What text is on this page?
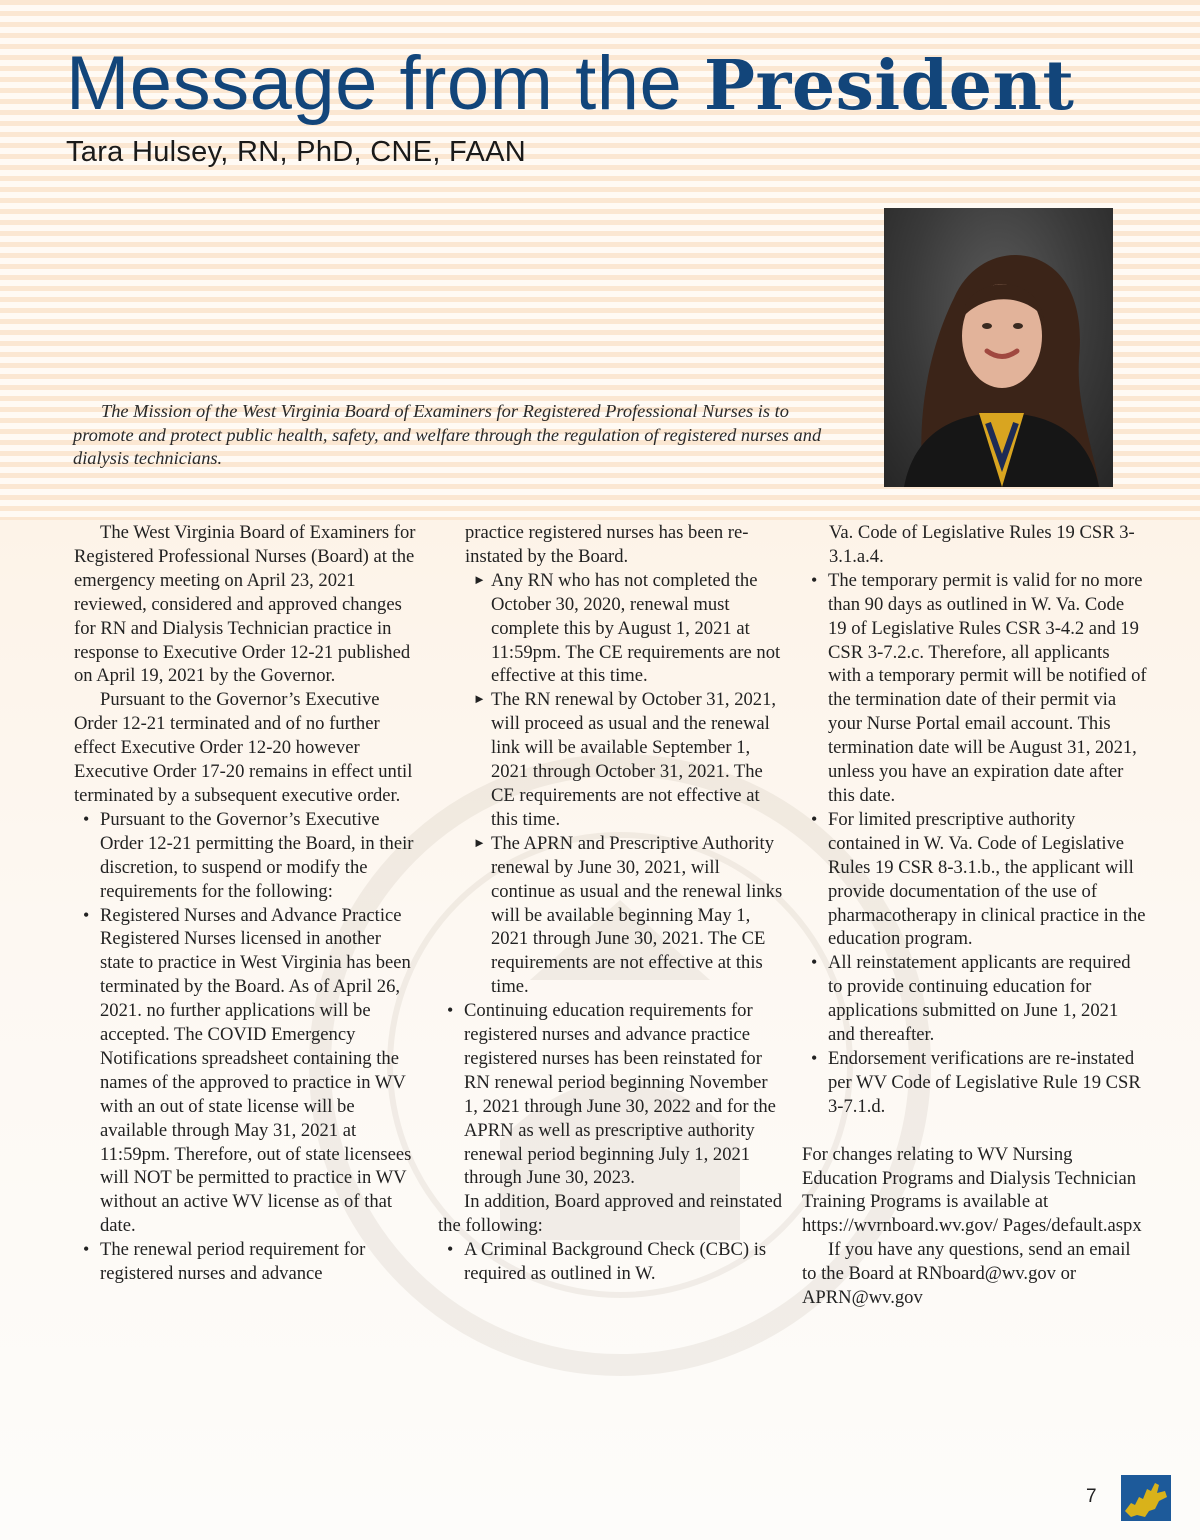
Message from the President
Tara Hulsey, RN, PhD, CNE, FAAN

The Mission of the West Virginia Board of Examiners for Registered Professional Nurses is to promote and protect public health, safety, and welfare through the regulation of registered nurses and dialysis technicians.

The West Virginia Board of Examiners for Registered Professional Nurses (Board) at the emergency meeting on April 23, 2021 reviewed, considered and approved changes for RN and Dialysis Technician practice in response to Executive Order 12-21 published on April 19, 2021 by the Governor.

Pursuant to the Governor’s Executive Order 12-21 terminated and of no further effect Executive Order 12-20 however Executive Order 17-20 remains in effect until terminated by a subsequent executive order.

• Pursuant to the Governor’s Executive Order 12-21 permitting the Board, in their discretion, to suspend or modify the requirements for the following:
• Registered Nurses and Advance Practice Registered Nurses licensed in another state to practice in West Virginia has been terminated by the Board. As of April 26, 2021. no further applications will be accepted. The COVID Emergency Notifications spreadsheet containing the names of the approved to practice in WV with an out of state license will be available through May 31, 2021 at 11:59pm. Therefore, out of state licensees will NOT be permitted to practice in WV without an active WV license as of that date.
• The renewal period requirement for registered nurses and advance
practice registered nurses has been re-instated by the Board.
► Any RN who has not completed the October 30, 2020, renewal must complete this by August 1, 2021 at 11:59pm. The CE requirements are not effective at this time.
► The RN renewal by October 31, 2021, will proceed as usual and the renewal link will be available September 1, 2021 through October 31, 2021. The CE requirements are not effective at this time.
► The APRN and Prescriptive Authority renewal by June 30, 2021, will continue as usual and the renewal links will be available beginning May 1, 2021 through June 30, 2021. The CE requirements are not effective at this time.
• Continuing education requirements for registered nurses and advance practice registered nurses has been reinstated for RN renewal period beginning November 1, 2021 through June 30, 2022 and for the APRN as well as prescriptive authority renewal period beginning July 1, 2021 through June 30, 2023.

In addition, Board approved and reinstated the following:

• A Criminal Background Check (CBC) is required as outlined in W.
Va. Code of Legislative Rules 19 CSR 3-3.1.a.4.
• The temporary permit is valid for no more than 90 days as outlined in W. Va. Code 19 of Legislative Rules CSR 3-4.2 and 19 CSR 3-7.2.c. Therefore, all applicants with a temporary permit will be notified of the termination date of their permit via your Nurse Portal email account. This termination date will be August 31, 2021, unless you have an expiration date after this date.
• For limited prescriptive authority contained in W. Va. Code of Legislative Rules 19 CSR 8-3.1.b., the applicant will provide documentation of the use of pharmacotherapy in clinical practice in the education program.
• All reinstatement applicants are required to provide continuing education for applications submitted on June 1, 2021 and thereafter.
• Endorsement verifications are re-instated per WV Code of Legislative Rule 19 CSR 3-7.1.d.

For changes relating to WV Nursing Education Programs and Dialysis Technician Training Programs is available at https://wvrnboard.wv.gov/ Pages/default.aspx

If you have any questions, send an email to the Board at RNboard@wv.gov or APRN@wv.gov

7
